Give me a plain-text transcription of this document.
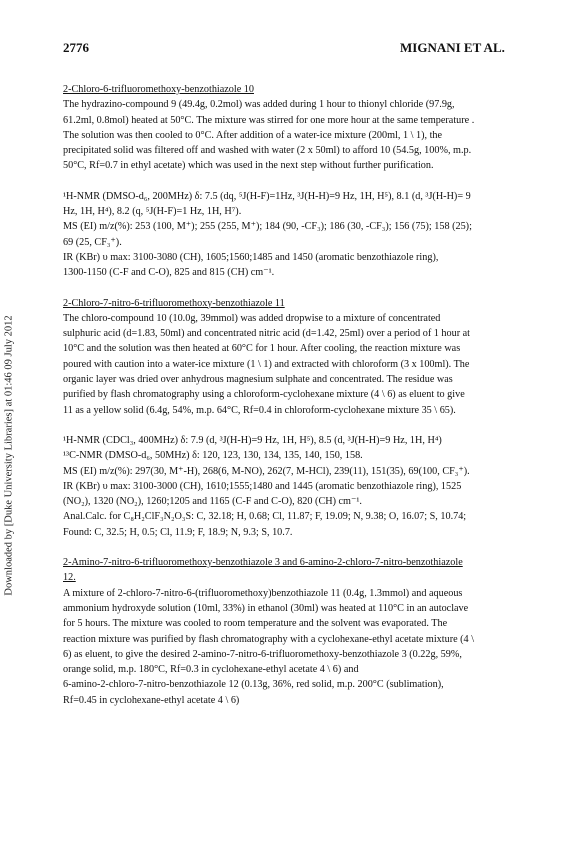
Downloaded by [Duke University Libraries] at 01:46 09 July 2012
2776	MIGNANI ET AL.

2-Chloro-6-trifluoromethoxy-benzothiazole 10

The hydrazino-compound 9 (49.4g, 0.2mol) was added during 1 hour to thionyl chloride (97.9g,

61.2ml, 0.8mol) heated at 50°C. The mixture was stirred for one more hour at the same temperature .

The solution was then cooled to 0°C. After addition of a water-ice mixture (200ml, 1 \ 1), the

precipitated solid was filtered off and washed with water (2 x 50ml) to afford 10 (54.5g, 100%, m.p.

50°C, Rf=0.7 in ethyl acetate) which was used in the next step without further purification.

¹H-NMR (DMSO-d₆, 200MHz) δ: 7.5 (dq, ⁵J(H-F)=1Hz, ³J(H-H)=9 Hz, 1H, H⁵), 8.1 (d, ³J(H-H)= 9

Hz, 1H, H⁴), 8.2 (q, ⁵J(H-F)=1 Hz, 1H, H⁷).

MS (EI) m/z(%): 253 (100, M⁺); 255 (255, M⁺); 184 (90, -CF₃); 186 (30, -CF₃); 156 (75); 158 (25);

69 (25, CF₃⁺).

IR (KBr) υ max: 3100-3080 (CH), 1605;1560;1485 and 1450 (aromatic benzothiazole ring),

1300-1150 (C-F and C-O), 825 and 815 (CH) cm⁻¹.

2-Chloro-7-nitro-6-trifluoromethoxy-benzothiazole 11

The chloro-compound 10 (10.0g, 39mmol) was added dropwise to a mixture of concentrated

sulphuric acid (d=1.83, 50ml) and concentrated nitric acid (d=1.42, 25ml) over a period of 1 hour at

10°C and the solution was then heated at 60°C for 1 hour. After cooling, the reaction mixture was

poured with caution into a water-ice mixture (1 \ 1) and extracted with chloroform (3 x 100ml). The

organic layer was dried over anhydrous magnesium sulphate and concentrated. The residue was

purified by flash chromatography using a chloroform-cyclohexane mixture (4 \ 6) as eluent to give

11 as a yellow solid (6.4g, 54%, m.p. 64°C, Rf=0.4 in chloroform-cyclohexane mixture 35 \ 65).

¹H-NMR (CDCl₃, 400MHz) δ: 7.9 (d, ³J(H-H)=9 Hz, 1H, H⁵), 8.5 (d, ³J(H-H)=9 Hz, 1H, H⁴)

¹³C-NMR (DMSO-d₆, 50MHz) δ: 120, 123, 130, 134, 135, 140, 150, 158.

MS (EI) m/z(%): 297(30, M⁺-H), 268(6, M-NO), 262(7, M-HCl), 239(11), 151(35), 69(100, CF₃⁺).

IR (KBr) υ max: 3100-3000 (CH), 1610;1555;1480 and 1445 (aromatic benzothiazole ring), 1525

(NO₂), 1320 (NO₂), 1260;1205 and 1165 (C-F and C-O), 820 (CH) cm⁻¹.

Anal.Calc. for C₈H₂ClF₃N₂O₃S: C, 32.18; H, 0.68; Cl, 11.87; F, 19.09; N, 9.38; O, 16.07; S, 10.74;

Found: C, 32.5; H, 0.5; Cl, 11.9; F, 18.9; N, 9.3; S, 10.7.

2-Amino-7-nitro-6-trifluoromethoxy-benzothiazole 3 and 6-amino-2-chloro-7-nitro-benzothiazole

12.

A mixture of 2-chloro-7-nitro-6-(trifluoromethoxy)benzothiazole 11 (0.4g, 1.3mmol) and aqueous

ammonium hydroxyde solution (10ml, 33%) in ethanol (30ml) was heated at 110°C in an autoclave

for 5 hours. The mixture was cooled to room temperature and the solvent was evaporated. The

reaction mixture was purified by flash chromatography with a cyclohexane-ethyl acetate mixture (4 \

6) as eluent, to give the desired 2-amino-7-nitro-6-trifluoromethoxy-benzothiazole 3 (0.22g, 59%,

orange solid, m.p. 180°C, Rf=0.3 in cyclohexane-ethyl acetate 4 \ 6) and

6-amino-2-chloro-7-nitro-benzothiazole 12 (0.13g, 36%, red solid, m.p. 200°C (sublimation),

Rf=0.45 in cyclohexane-ethyl acetate 4 \ 6)
